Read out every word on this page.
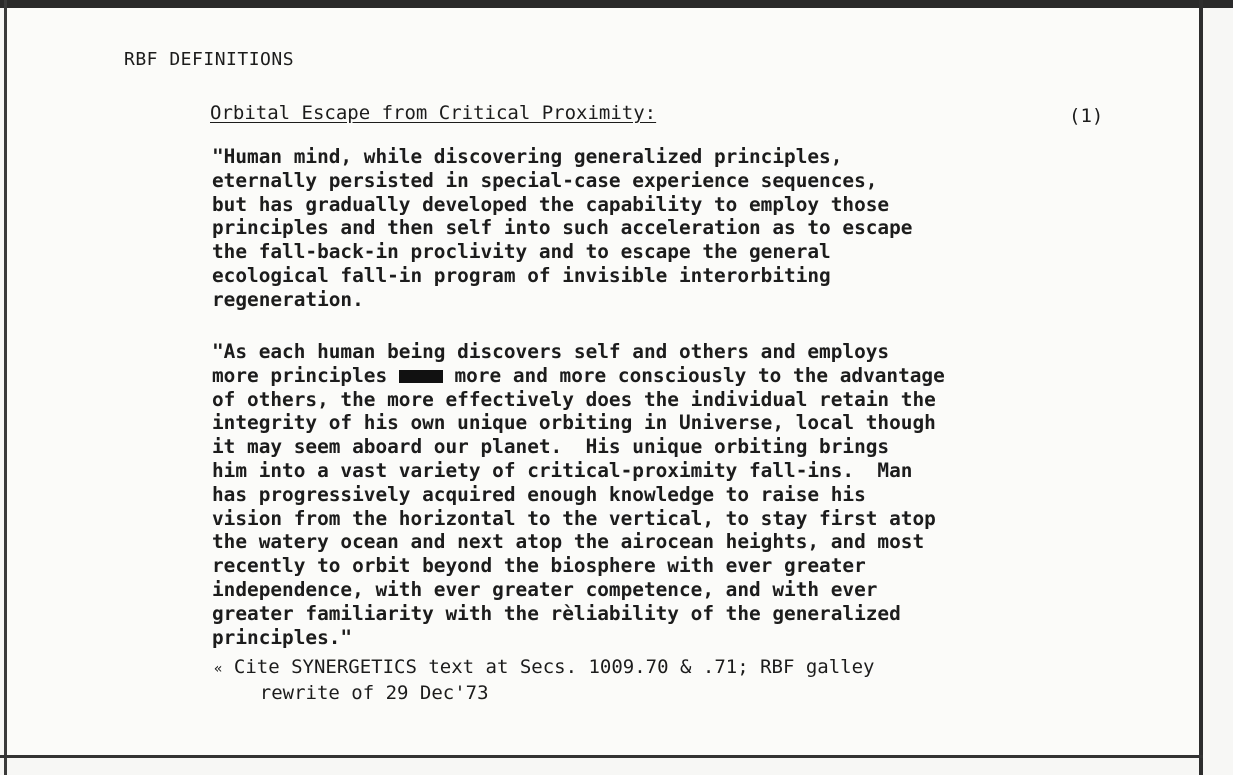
RBF DEFINITIONS
Orbital Escape from Critical Proximity:	(1)
"Human mind, while discovering generalized principles,
eternally persisted in special-case experience sequences,
but has gradually developed the capability to employ those
principles and then self into such acceleration as to escape
the fall-back-in proclivity and to escape the general
ecological fall-in program of invisible interorbiting
regeneration.
"As each human being discovers self and others and employs
more principles  more and more consciously to the advantage
of others, the more effectively does the individual retain the
integrity of his own unique orbiting in Universe, local though
it may seem aboard our planet.  His unique orbiting brings
him into a vast variety of critical-proximity fall-ins.  Man
has progressively acquired enough knowledge to raise his
vision from the horizontal to the vertical, to stay first atop
the watery ocean and next atop the airocean heights, and most
recently to orbit beyond the biosphere with ever greater
independence, with ever greater competence, and with ever
greater familiarity with the rèliability of the generalized
principles."
« Cite SYNERGETICS text at Secs. 1009.70 & .71; RBF galley
rewrite of 29 Dec'73
